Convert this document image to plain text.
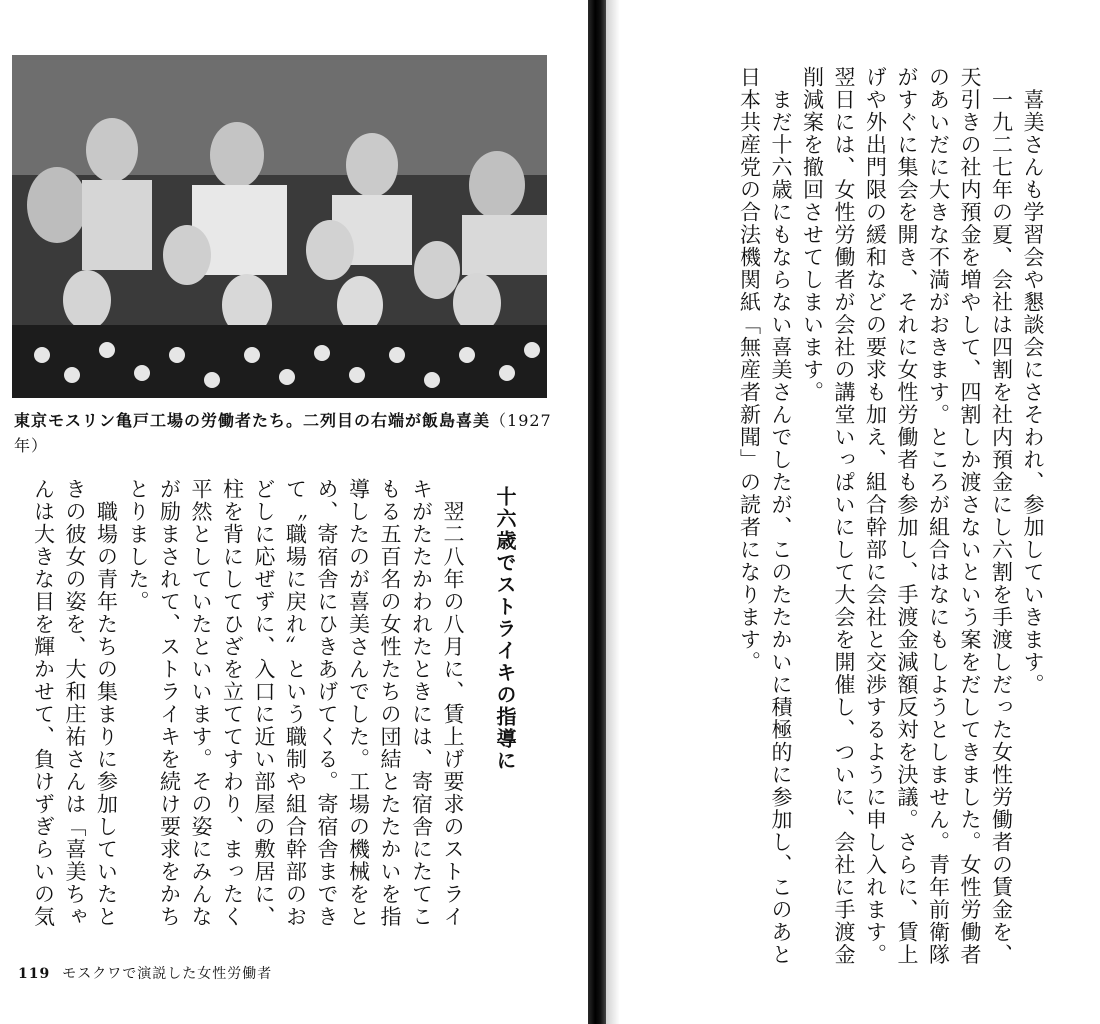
東京モスリン亀戸工場の労働者たち。二列目の右端が飯島喜美（1927年）
十六歳でストライキの指導に

　翌二八年の八月に、賃上げ要求のストライ

キがたたかわれたときには、寄宿舎にたてこ

もる五百名の女性たちの団結とたたかいを指

導したのが喜美さんでした。工場の機械をと

め、寄宿舎にひきあげてくる。寄宿舎までき

て〝職場に戻れ〟という職制や組合幹部のお

どしに応ぜずに、入口に近い部屋の敷居に、

柱を背にしてひざを立ててすわり、まったく

平然としていたといいます。その姿にみんな

が励まされて、ストライキを続け要求をかち

とりました。

　職場の青年たちの集まりに参加していたと

きの彼女の姿を、大和庄祐さんは「喜美ちゃ

んは大きな目を輝かせて、負けずぎらいの気

119 モスクワで演説した女性労働者

　喜美さんも学習会や懇談会にさそわれ、参加していきます。

　一九二七年の夏、会社は四割を社内預金にし六割を手渡しだった女性労働者の賃金を、

天引きの社内預金を増やして、四割しか渡さないという案をだしてきました。女性労働者

のあいだに大きな不満がおきます。ところが組合はなにもしようとしません。青年前衛隊

がすぐに集会を開き、それに女性労働者も参加し、手渡金減額反対を決議。さらに、賃上

げや外出門限の緩和などの要求も加え、組合幹部に会社と交渉するように申し入れます。

翌日には、女性労働者が会社の講堂いっぱいにして大会を開催し、ついに、会社に手渡金

削減案を撤回させてしまいます。

　まだ十六歳にもならない喜美さんでしたが、このたたかいに積極的に参加し、このあと

日本共産党の合法機関紙「無産者新聞」の読者になります。
